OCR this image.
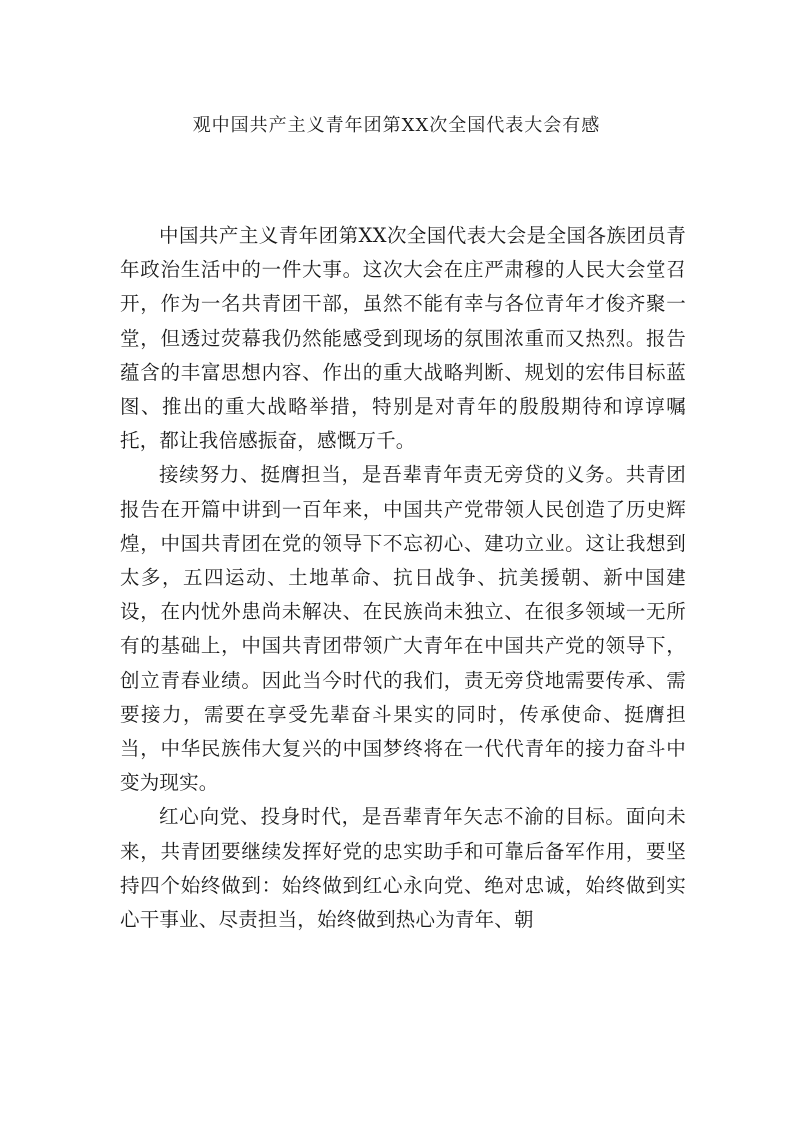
观中国共产主义青年团第XX次全国代表大会有感

中国共产主义青年团第XX次全国代表大会是全国各族团员青年政治生活中的一件大事。这次大会在庄严肃穆的人民大会堂召开，作为一名共青团干部，虽然不能有幸与各位青年才俊齐聚一堂，但透过荧幕我仍然能感受到现场的氛围浓重而又热烈。报告蕴含的丰富思想内容、作出的重大战略判断、规划的宏伟目标蓝图、推出的重大战略举措，特别是对青年的殷殷期待和谆谆嘱托，都让我倍感振奋，感慨万千。

接续努力、挺膺担当，是吾辈青年责无旁贷的义务。共青团报告在开篇中讲到一百年来，中国共产党带领人民创造了历史辉煌，中国共青团在党的领导下不忘初心、建功立业。这让我想到太多，五四运动、土地革命、抗日战争、抗美援朝、新中国建设，在内忧外患尚未解决、在民族尚未独立、在很多领域一无所有的基础上，中国共青团带领广大青年在中国共产党的领导下，创立青春业绩。因此当今时代的我们，责无旁贷地需要传承、需要接力，需要在享受先辈奋斗果实的同时，传承使命、挺膺担当，中华民族伟大复兴的中国梦终将在一代代青年的接力奋斗中变为现实。

红心向党、投身时代，是吾辈青年矢志不渝的目标。面向未来，共青团要继续发挥好党的忠实助手和可靠后备军作用，要坚持四个始终做到：始终做到红心永向党、绝对忠诚，始终做到实心干事业、尽责担当，始终做到热心为青年、朝
